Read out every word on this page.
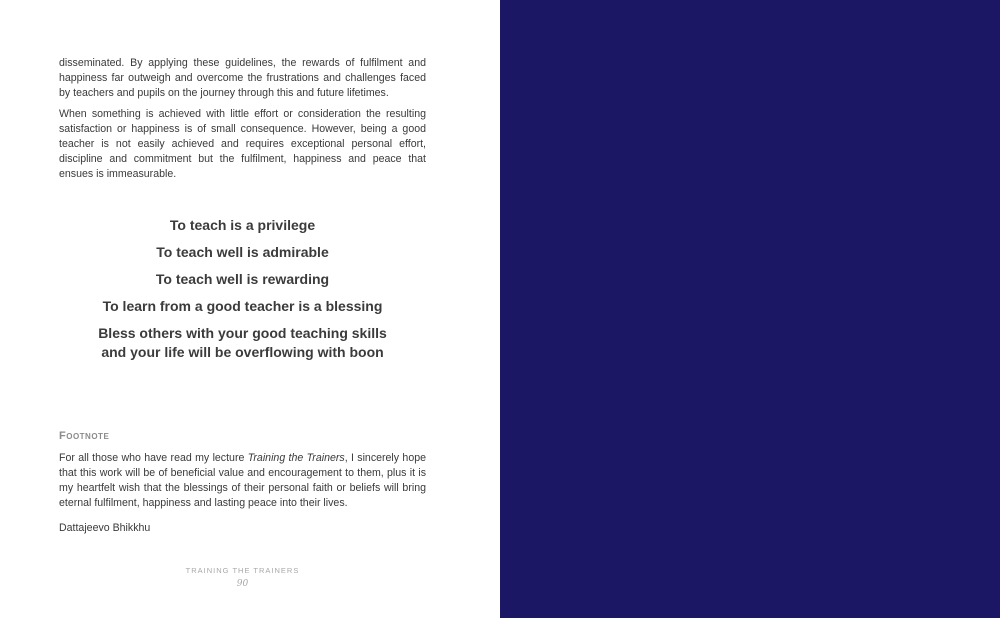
disseminated. By applying these guidelines, the rewards of fulfilment and happiness far outweigh and overcome the frustrations and challenges faced by teachers and pupils on the journey through this and future lifetimes.

When something is achieved with little effort or consideration the resulting satisfaction or happiness is of small consequence. However, being a good teacher is not easily achieved and requires exceptional personal effort, discipline and commitment but the fulfilment, happiness and peace that ensues is immeasurable.

To teach is a privilege

To teach well is admirable

To teach well is rewarding

To learn from a good teacher is a blessing

Bless others with your good teaching skills and your life will be overflowing with boon

Footnote

For all those who have read my lecture Training the Trainers, I sincerely hope that this work will be of beneficial value and encouragement to them, plus it is my heartfelt wish that the blessings of their personal faith or beliefs will bring eternal fulfilment, happiness and lasting peace into their lives.

Dattajeevo Bhikkhu
TRAINING THE TRAINERS
90
